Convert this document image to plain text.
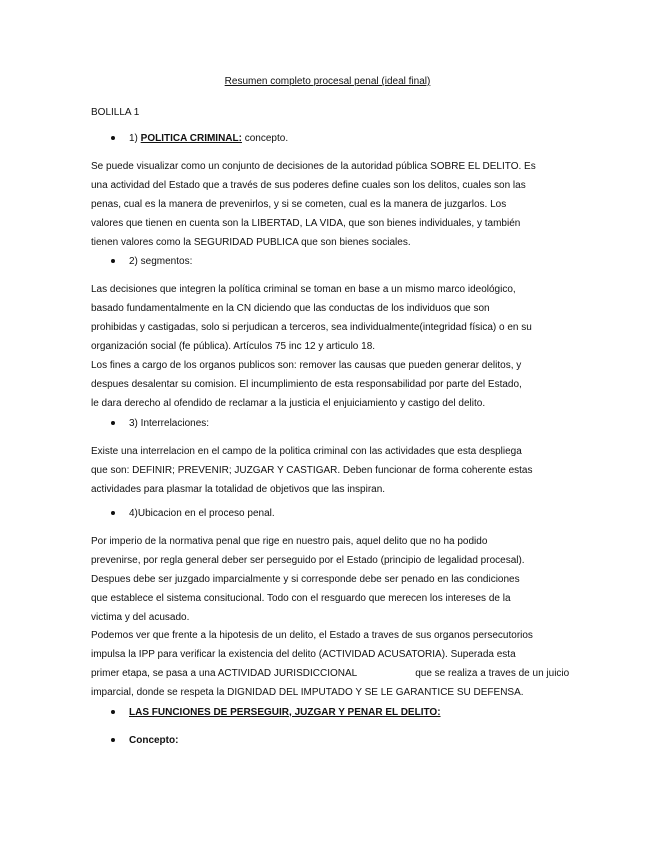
Resumen completo procesal penal (ideal final)
BOLILLA 1
1) POLITICA CRIMINAL: concepto.
Se puede visualizar como un conjunto de decisiones de la autoridad pública SOBRE EL DELITO. Es
una actividad del Estado que a través de sus poderes define cuales son los delitos, cuales son las
penas, cual es la manera de prevenirlos, y si se cometen, cual es la manera de juzgarlos. Los
valores que tienen en cuenta son la LIBERTAD, LA VIDA, que son bienes individuales, y también
tienen valores como la SEGURIDAD PUBLICA que son bienes sociales.
2) segmentos:
Las decisiones que integren la política criminal se toman en base a un mismo marco ideológico,
basado fundamentalmente en la CN diciendo que las conductas de los individuos que son
prohibidas y castigadas, solo si perjudican a terceros, sea individualmente(integridad física) o en su
organización social (fe pública). Artículos 75 inc 12 y articulo 18.
Los fines a cargo de los organos publicos son: remover las causas que pueden generar delitos, y
despues desalentar su comision. El incumplimiento de esta responsabilidad por parte del Estado,
le dara derecho al ofendido de reclamar a la justicia el enjuiciamiento y castigo del delito.
3) Interrelaciones:
Existe una interrelacion en el campo de la politica criminal con las actividades que esta despliega
que son: DEFINIR; PREVENIR; JUZGAR Y CASTIGAR. Deben funcionar de forma coherente estas
actividades para plasmar la totalidad de objetivos que las inspiran.
4)Ubicacion en el proceso penal.
Por imperio de la normativa penal que rige en nuestro pais, aquel delito que no ha podido
prevenirse, por regla general deber ser perseguido por el Estado (principio de legalidad procesal).
Despues debe ser juzgado imparcialmente y si corresponde debe ser penado en las condiciones
que establece el sistema consitucional. Todo con el resguardo que merecen los intereses de la
victima y del acusado.
Podemos ver que frente a la hipotesis de un delito, el Estado a traves de sus organos persecutorios
impulsa la IPP para verificar la existencia del delito (ACTIVIDAD ACUSATORIA). Superada esta
primer etapa, se pasa a una ACTIVIDAD JURISDICCIONAL	que se realiza a traves de un juicio
imparcial, donde se respeta la DIGNIDAD DEL IMPUTADO Y SE LE GARANTICE SU DEFENSA.
LAS FUNCIONES DE PERSEGUIR, JUZGAR Y PENAR EL DELITO:
Concepto:
